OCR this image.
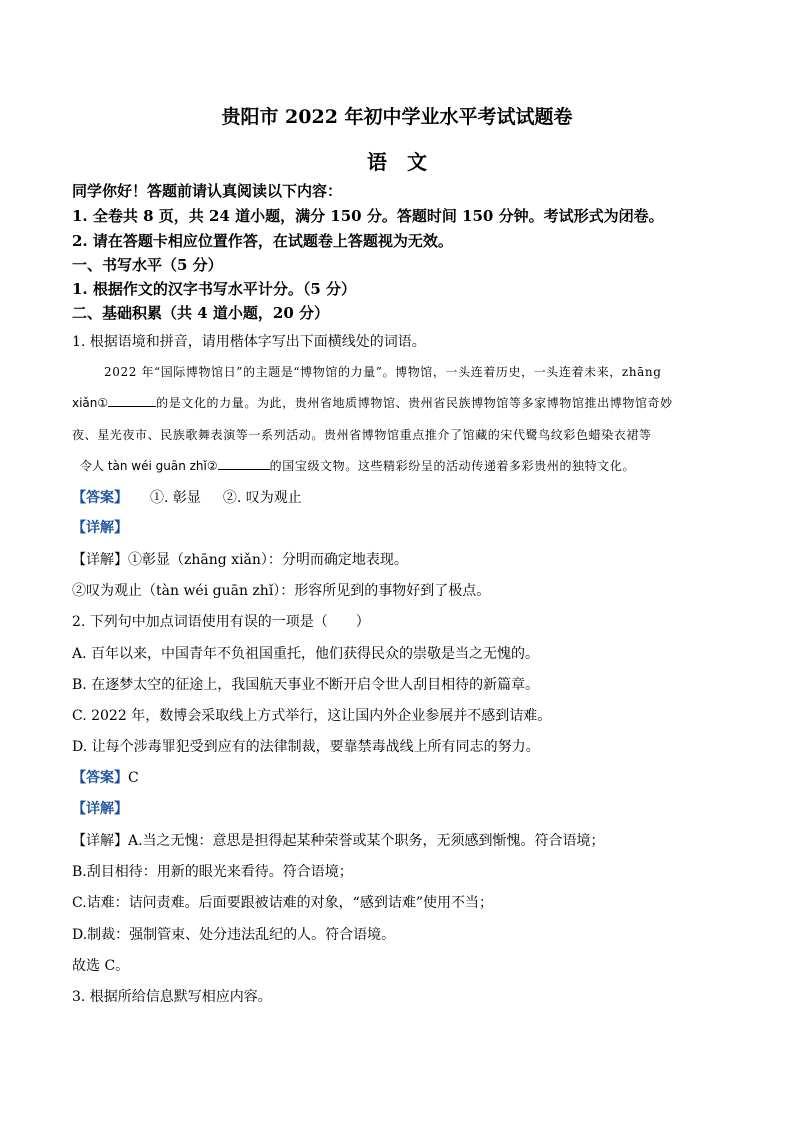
贵阳市 2022 年初中学业水平考试试题卷
语　文
同学你好！答题前请认真阅读以下内容：
1. 全卷共 8 页，共 24 道小题，满分 150 分。答题时间 150 分钟。考试形式为闭卷。
2. 请在答题卡相应位置作答，在试题卷上答题视为无效。
一、书写水平（5 分）
1. 根据作文的汉字书写水平计分。（5 分）
二、基础积累（共 4 道小题，20 分）
1. 根据语境和拼音，请用楷体字写出下面横线处的词语。
2022 年“国际博物馆日”的主题是“博物馆的力量”。博物馆，一头连着历史，一头连着未来，zhāng
xiǎn①	的是文化的力量。为此，贵州省地质博物馆、贵州省民族博物馆等多家博物馆推出博物馆奇妙
夜、星光夜市、民族歌舞表演等一系列活动。贵州省博物馆重点推介了馆藏的宋代鹭鸟纹彩色蜡染衣裙等
令人 tàn wéi guān zhǐ②	的国宝级文物。这些精彩纷呈的活动传递着多彩贵州的独特文化。
【答案】 ①. 彰显 ②. 叹为观止
【详解】
【详解】①彰显（zhāng xiǎn）：分明而确定地表现。
②叹为观止（tàn wéi guān zhǐ）：形容所见到的事物好到了极点。
2. 下列句中加点词语使用有误的一项是（　　）
A. 百年以来，中国青年不负祖国重托，他们获得民众的崇敬是当之无愧的。
B. 在逐梦太空的征途上，我国航天事业不断开启令世人刮目相待的新篇章。
C. 2022 年，数博会采取线上方式举行，这让国内外企业参展并不感到诘难。
D. 让每个涉毒罪犯受到应有的法律制裁，要靠禁毒战线上所有同志的努力。
【答案】C
【详解】
【详解】A.当之无愧：意思是担得起某种荣誉或某个职务，无须感到惭愧。符合语境；
B.刮目相待：用新的眼光来看待。符合语境；
C.诘难：诘问责难。后面要跟被诘难的对象，“感到诘难”使用不当；
D.制裁：强制管束、处分违法乱纪的人。符合语境。
故选 C。
3. 根据所给信息默写相应内容。
